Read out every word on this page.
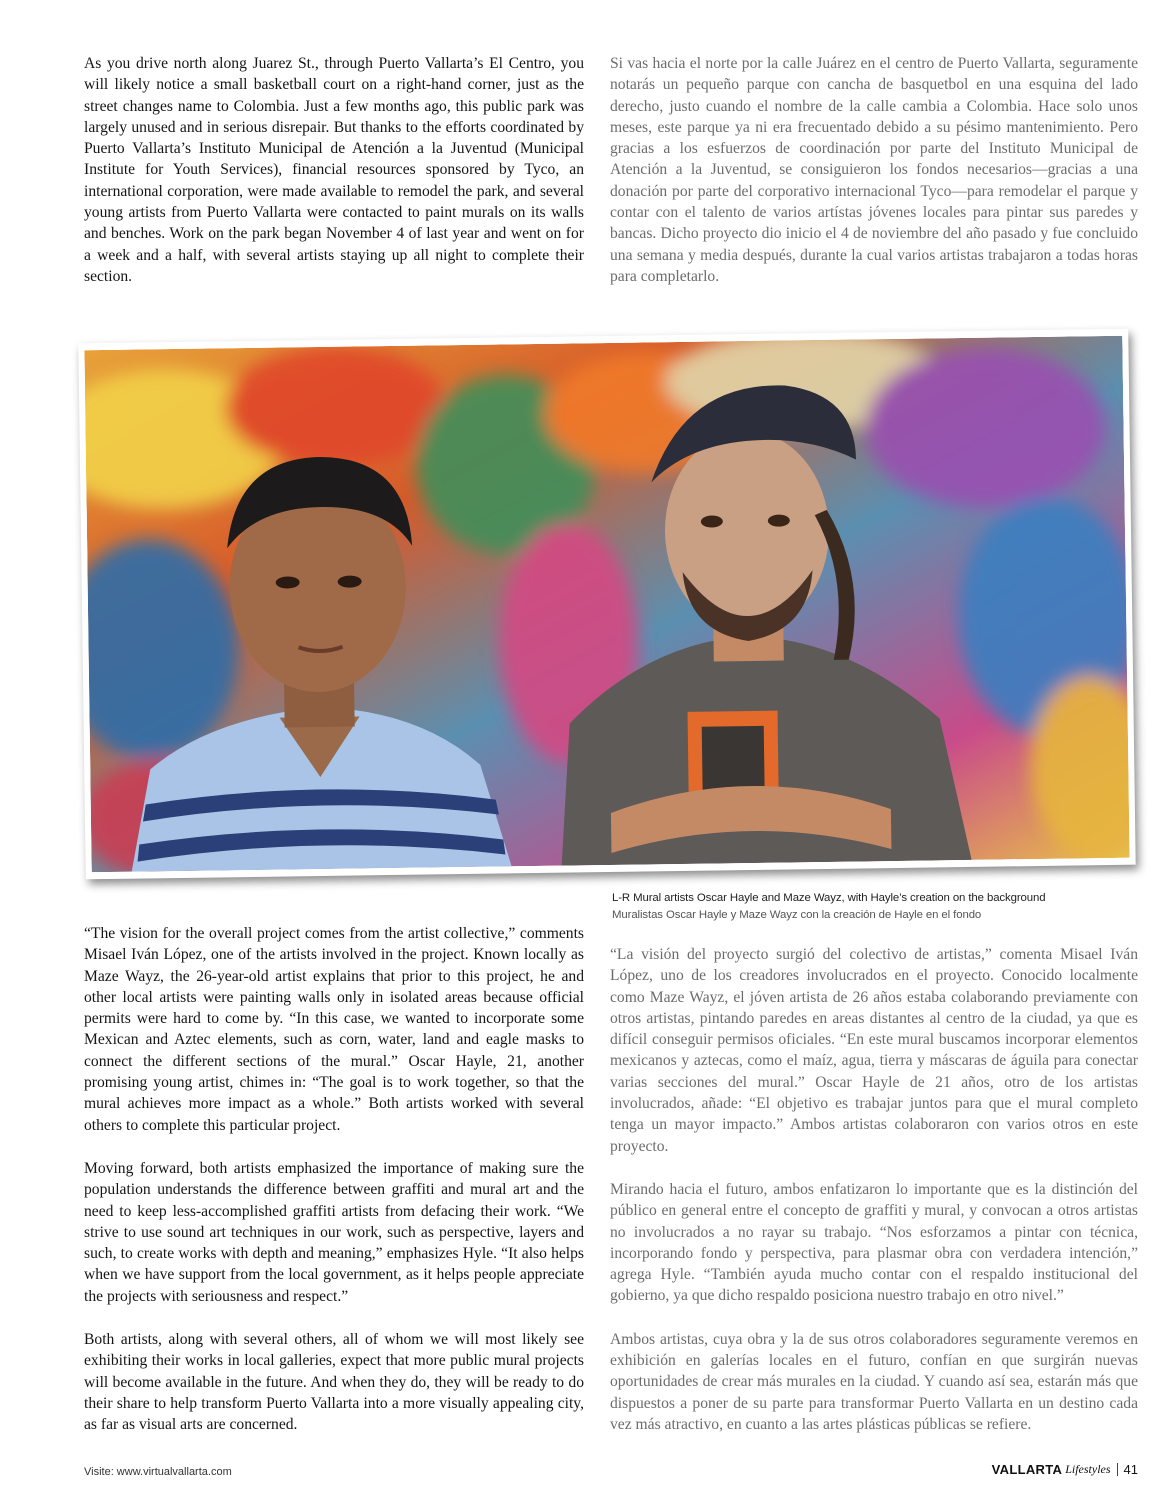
As you drive north along Juarez St., through Puerto Vallarta’s El Centro, you will likely notice a small basketball court on a right-hand corner, just as the street changes name to Colombia. Just a few months ago, this public park was largely unused and in serious disrepair. But thanks to the efforts coordinated by Puerto Vallarta’s Instituto Municipal de Atención a la Juventud (Municipal Institute for Youth Services), financial resources sponsored by Tyco, an international corporation, were made available to remodel the park, and several young artists from Puerto Vallarta were contacted to paint murals on its walls and benches. Work on the park began November 4 of last year and went on for a week and a half, with several artists staying up all night to complete their section.

Si vas hacia el norte por la calle Juárez en el centro de Puerto Vallarta, seguramente notarás un pequeño parque con cancha de basquetbol en una esquina del lado derecho, justo cuando el nombre de la calle cambia a Colombia. Hace solo unos meses, este parque ya ni era frecuentado debido a su pésimo mantenimiento. Pero gracias a los esfuerzos de coordinación por parte del Instituto Municipal de Atención a la Juventud, se consiguieron los fondos necesarios—gracias a una donación por parte del corporativo internacional Tyco—para remodelar el parque y contar con el talento de varios artístas jóvenes locales para pintar sus paredes y bancas. Dicho proyecto dio inicio el 4 de noviembre del año pasado y fue concluido una semana y media después, durante la cual varios artistas trabajaron a todas horas para completarlo.

L-R Mural artists Oscar Hayle and Maze Wayz, with Hayle’s creation on the background
Muralistas Oscar Hayle y Maze Wayz con la creación de Hayle en el fondo

“The vision for the overall project comes from the artist collective,” comments Misael Iván López, one of the artists involved in the project. Known locally as Maze Wayz, the 26-year-old artist explains that prior to this project, he and other local artists were painting walls only in isolated areas because official permits were hard to come by. “In this case, we wanted to incorporate some Mexican and Aztec elements, such as corn, water, land and eagle masks to connect the different sections of the mural.” Oscar Hayle, 21, another promising young artist, chimes in: “The goal is to work together, so that the mural achieves more impact as a whole.” Both artists worked with several others to complete this particular project.

Moving forward, both artists emphasized the importance of making sure the population understands the difference between graffiti and mural art and the need to keep less-accomplished graffiti artists from defacing their work. “We strive to use sound art techniques in our work, such as perspective, layers and such, to create works with depth and meaning,” emphasizes Hyle. “It also helps when we have support from the local government, as it helps people appreciate the projects with seriousness and respect.”

Both artists, along with several others, all of whom we will most likely see exhibiting their works in local galleries, expect that more public mural projects will become available in the future. And when they do, they will be ready to do their share to help transform Puerto Vallarta into a more visually appealing city, as far as visual arts are concerned.

“La visión del proyecto surgió del colectivo de artistas,” comenta Misael Iván López, uno de los creadores involucrados en el proyecto. Conocido localmente como Maze Wayz, el jóven artista de 26 años estaba colaborando previamente con otros artistas, pintando paredes en areas distantes al centro de la ciudad, ya que es difícil conseguir permisos oficiales. “En este mural buscamos incorporar elementos mexicanos y aztecas, como el maíz, agua, tierra y máscaras de águila para conectar varias secciones del mural.” Oscar Hayle de 21 años, otro de los artistas involucrados, añade: “El objetivo es trabajar juntos para que el mural completo tenga un mayor impacto.” Ambos artistas colaboraron con varios otros en este proyecto.

Mirando hacia el futuro, ambos enfatizaron lo importante que es la distinción del público en general entre el concepto de graffiti y mural, y convocan a otros artistas no involucrados a no rayar su trabajo. “Nos esforzamos a pintar con técnica, incorporando fondo y perspectiva, para plasmar obra con verdadera intención,” agrega Hyle. “También ayuda mucho contar con el respaldo institucional del gobierno, ya que dicho respaldo posiciona nuestro trabajo en otro nivel.”

Ambos artistas, cuya obra y la de sus otros colaboradores seguramente veremos en exhibición en galerías locales en el futuro, confían en que surgirán nuevas oportunidades de crear más murales en la ciudad. Y cuando así sea, estarán más que dispuestos a poner de su parte para transformar Puerto Vallarta en un destino cada vez más atractivo, en cuanto a las artes plásticas públicas se refiere.

Visite: www.virtualvallarta.com	VALLARTA Lifestyles 41
